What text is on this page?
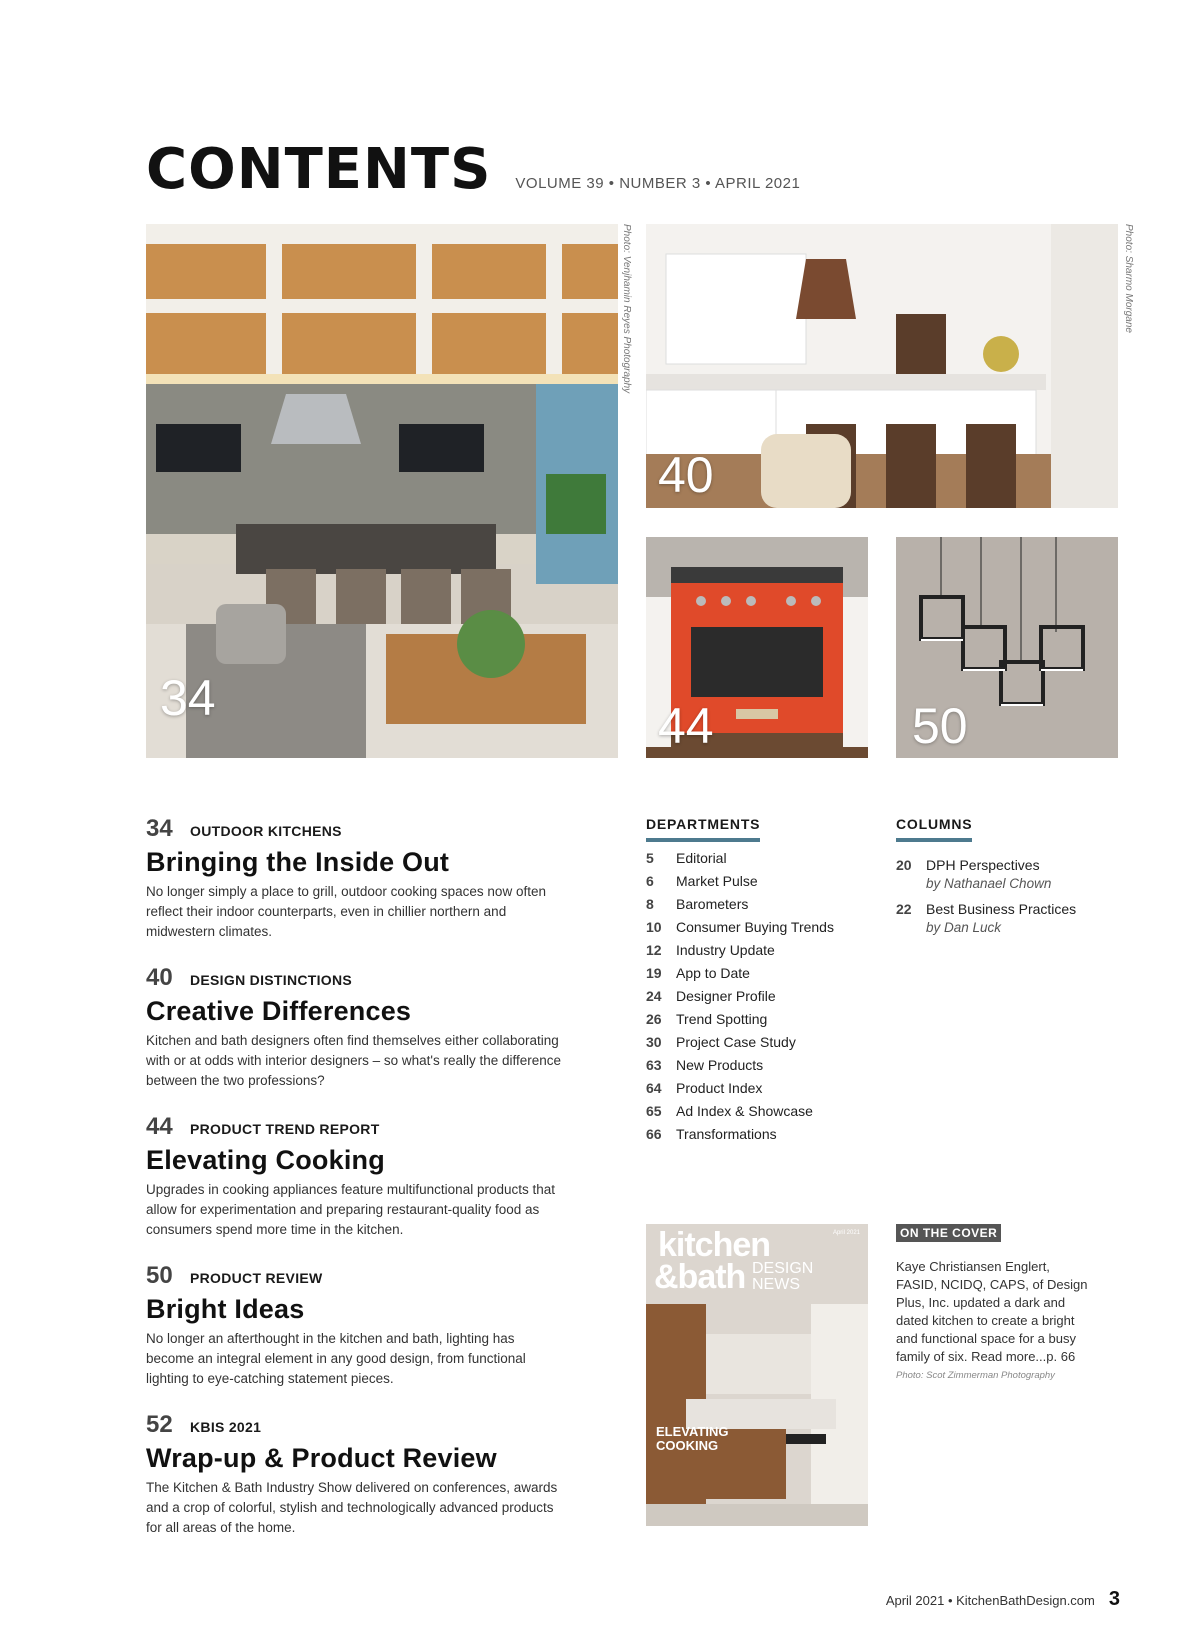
CONTENTS VOLUME 39 • NUMBER 3 • APRIL 2021
34
Photo: Venjhamin Reyes Photography
40
Photo: Sharmo Morgane
44	50
34	OUTDOOR KITCHENS
Bringing the Inside Out
No longer simply a place to grill, outdoor cooking spaces now often reflect their indoor counterparts, even in chillier northern and midwestern climates.
40	DESIGN DISTINCTIONS
Creative Differences
Kitchen and bath designers often find themselves either collaborating with or at odds with interior designers – so what's really the difference between the two professions?
44	PRODUCT TREND REPORT
Elevating Cooking
Upgrades in cooking appliances feature multifunctional products that allow for experimentation and preparing restaurant-quality food as consumers spend more time in the kitchen.
50	PRODUCT REVIEW
Bright Ideas
No longer an afterthought in the kitchen and bath, lighting has become an integral element in any good design, from functional lighting to eye-catching statement pieces.
52	KBIS 2021
Wrap-up & Product Review
The Kitchen & Bath Industry Show delivered on conferences, awards and a crop of colorful, stylish and technologically advanced products for all areas of the home.
DEPARTMENTS
5	Editorial
6	Market Pulse
8	Barometers
10	Consumer Buying Trends
12	Industry Update
19	App to Date
24	Designer Profile
26	Trend Spotting
30	Project Case Study
63	New Products
64	Product Index
65	Ad Index & Showcase
66	Transformations
COLUMNS
20	DPH Perspectives
by Nathanael Chown
22	Best Business Practices
by Dan Luck
kitchen
&bath DESIGN
NEWS
April 2021
ELEVATING
COOKING
ON THE COVER
Kaye Christiansen Englert, FASID, NCIDQ, CAPS, of Design Plus, Inc. updated a dark and dated kitchen to create a bright and functional space for a busy family of six. Read more...p. 66
Photo: Scot Zimmerman Photography
April 2021 • KitchenBathDesign.com 3
